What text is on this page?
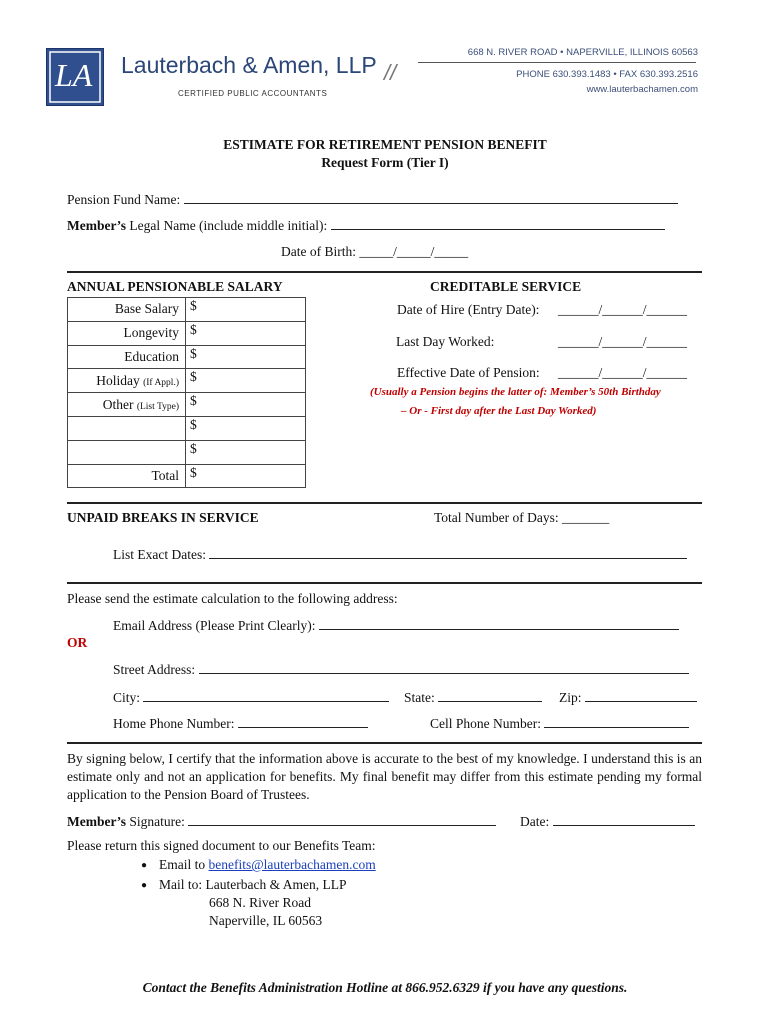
LA Lauterbach & Amen, LLP
CERTIFIED PUBLIC ACCOUNTANTS
//
668 N. RIVER ROAD • NAPERVILLE, ILLINOIS 60563
PHONE 630.393.1483 • FAX 630.393.2516
www.lauterbachamen.com
ESTIMATE FOR RETIREMENT PENSION BENEFIT
Request Form (Tier I)
Pension Fund Name:
Member’s Legal Name (include middle initial):
Date of Birth: _____/_____/_____
ANNUAL PENSIONABLE SALARY
Base Salary	$
Longevity	$
Education	$
Holiday (If Appl.)	$
Other (List Type)	$
	$
	$
Total	$
CREDITABLE SERVICE
Date of Hire (Entry Date): ______/______/______
Last Day Worked:	______/______/______
Effective Date of Pension: ______/______/______
(Usually a Pension begins the latter of: Member’s 50th Birthday
– Or - First day after the Last Day Worked)
UNPAID BREAKS IN SERVICE	Total Number of Days: _______
List Exact Dates:
Please send the estimate calculation to the following address:
Email Address (Please Print Clearly):
OR
Street Address:
City:	State:	Zip:
Home Phone Number:	Cell Phone Number:

By signing below, I certify that the information above is accurate to the best of my knowledge. I understand this is an estimate only and not an application for benefits. My final benefit may differ from this estimate pending my formal application to the Pension Board of Trustees.

Member’s Signature:	Date:
Please return this signed document to our Benefits Team:
● Email to benefits@lauterbachamen.com
● Mail to: Lauterbach & Amen, LLP
668 N. River Road
Naperville, IL 60563
Contact the Benefits Administration Hotline at 866.952.6329 if you have any questions.
